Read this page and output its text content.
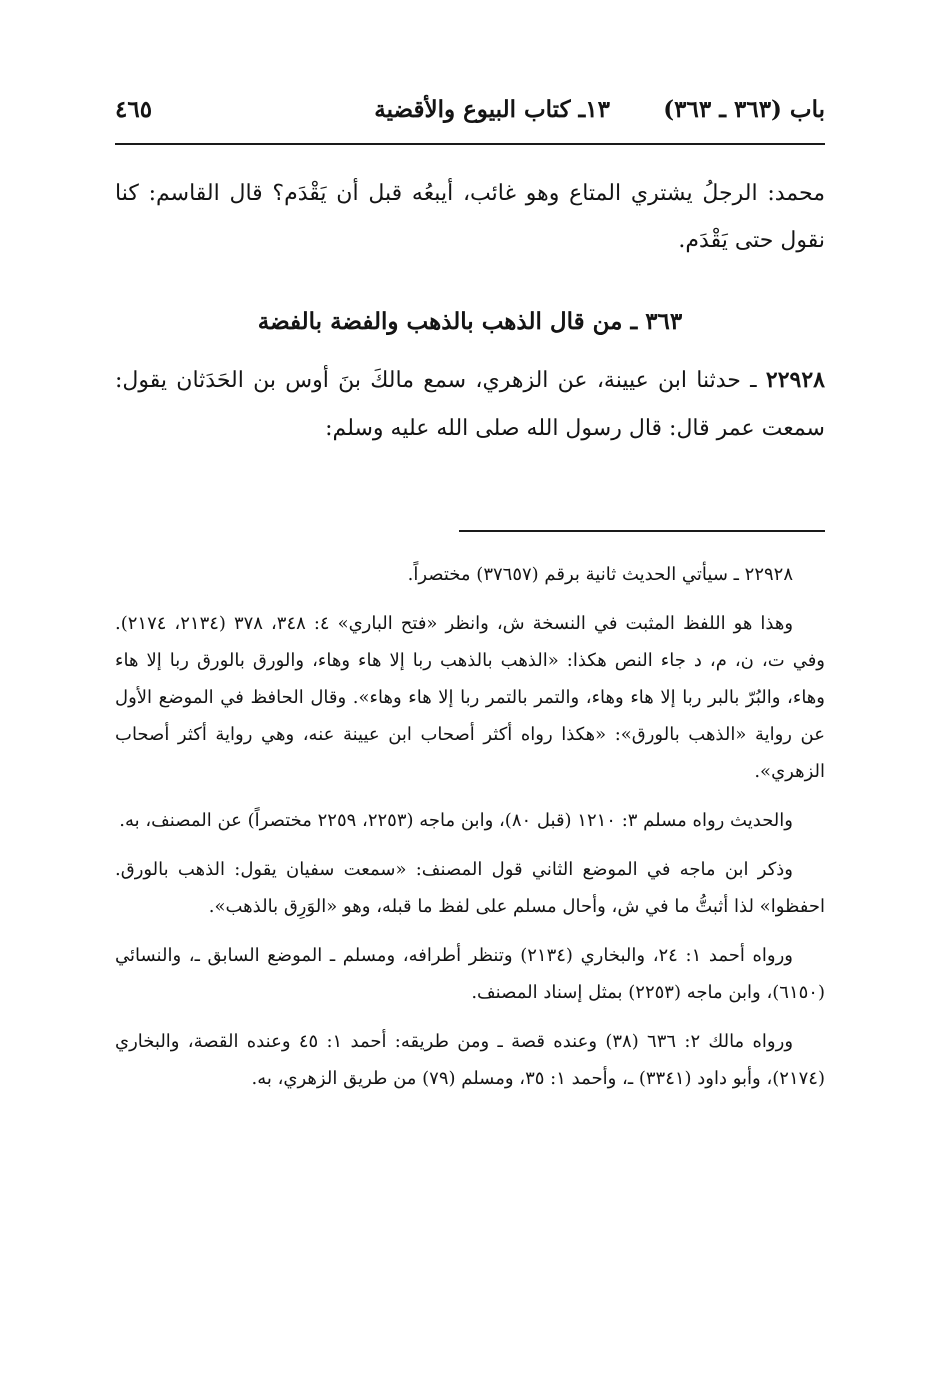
باب (٣٦٣ ـ ٣٦٣)
١٣ـ كتاب البيوع والأقضية
٤٦٥

محمد: الرجلُ يشتري المتاع وهو غائب، أيبعُه قبل أن يَقْدَم؟ قال القاسم: كنا نقول حتى يَقْدَم.

٣٦٣ ـ من قال الذهب بالذهب والفضة بالفضة

٢٢٩٢٨ ـ حدثنا ابن عيينة، عن الزهري، سمع مالكَ بنَ أوس بن الحَدَثان يقول: سمعت عمر قال: قال رسول الله صلى الله عليه وسلم:

٢٢٩٢٨ ـ سيأتي الحديث ثانية برقم (٣٧٦٥٧) مختصراً.

وهذا هو اللفظ المثبت في النسخة ش، وانظر «فتح الباري» ٤: ٣٤٨، ٣٧٨ (٢١٣٤، ٢١٧٤). وفي ت، ن، م، د جاء النص هكذا: «الذهب بالذهب ربا إلا هاء وهاء، والورق بالورق ربا إلا هاء وهاء، والبُرّ بالبر ربا إلا هاء وهاء، والتمر بالتمر ربا إلا هاء وهاء». وقال الحافظ في الموضع الأول عن رواية «الذهب بالورق»: «هكذا رواه أكثر أصحاب ابن عيينة عنه، وهي رواية أكثر أصحاب الزهري».

والحديث رواه مسلم ٣: ١٢١٠ (قبل ٨٠)، وابن ماجه (٢٢٥٣، ٢٢٥٩ مختصراً) عن المصنف، به.

وذكر ابن ماجه في الموضع الثاني قول المصنف: «سمعت سفيان يقول: الذهب بالورق. احفظوا» لذا أثبتُّ ما في ش، وأحال مسلم على لفظ ما قبله، وهو «الوَرِق بالذهب».

ورواه أحمد ١: ٢٤، والبخاري (٢١٣٤) وتنظر أطرافه، ومسلم ـ الموضع السابق ـ، والنسائي (٦١٥٠)، وابن ماجه (٢٢٥٣) بمثل إسناد المصنف.

ورواه مالك ٢: ٦٣٦ (٣٨) وعنده قصة ـ ومن طريقه: أحمد ١: ٤٥ وعنده القصة، والبخاري (٢١٧٤)، وأبو داود (٣٣٤١) ـ، وأحمد ١: ٣٥، ومسلم (٧٩) من طريق الزهري، به.
